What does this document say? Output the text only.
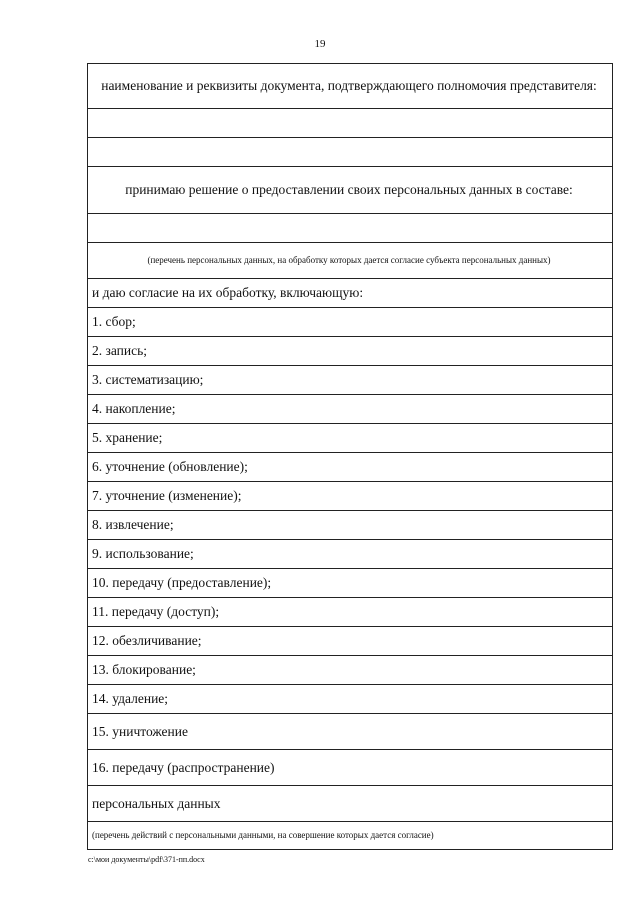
19
наименование и реквизиты документа, подтверждающего полномочия представителя:

принимаю решение о предоставлении своих персональных данных в составе:

(перечень персональных данных, на обработку которых дается согласие субъекта персональных данных)
и даю согласие на их обработку, включающую:
1. сбор;
2. запись;
3. систематизацию;
4. накопление;
5. хранение;
6. уточнение (обновление);
7. уточнение (изменение);
8. извлечение;
9. использование;
10. передачу (предоставление);
11. передачу (доступ);
12. обезличивание;
13. блокирование;
14. удаление;
15. уничтожение
16. передачу (распространение)
персональных данных
(перечень действий с персональными данными, на совершение которых дается согласие)
c:\мои документы\pdf\371-пп.docx
